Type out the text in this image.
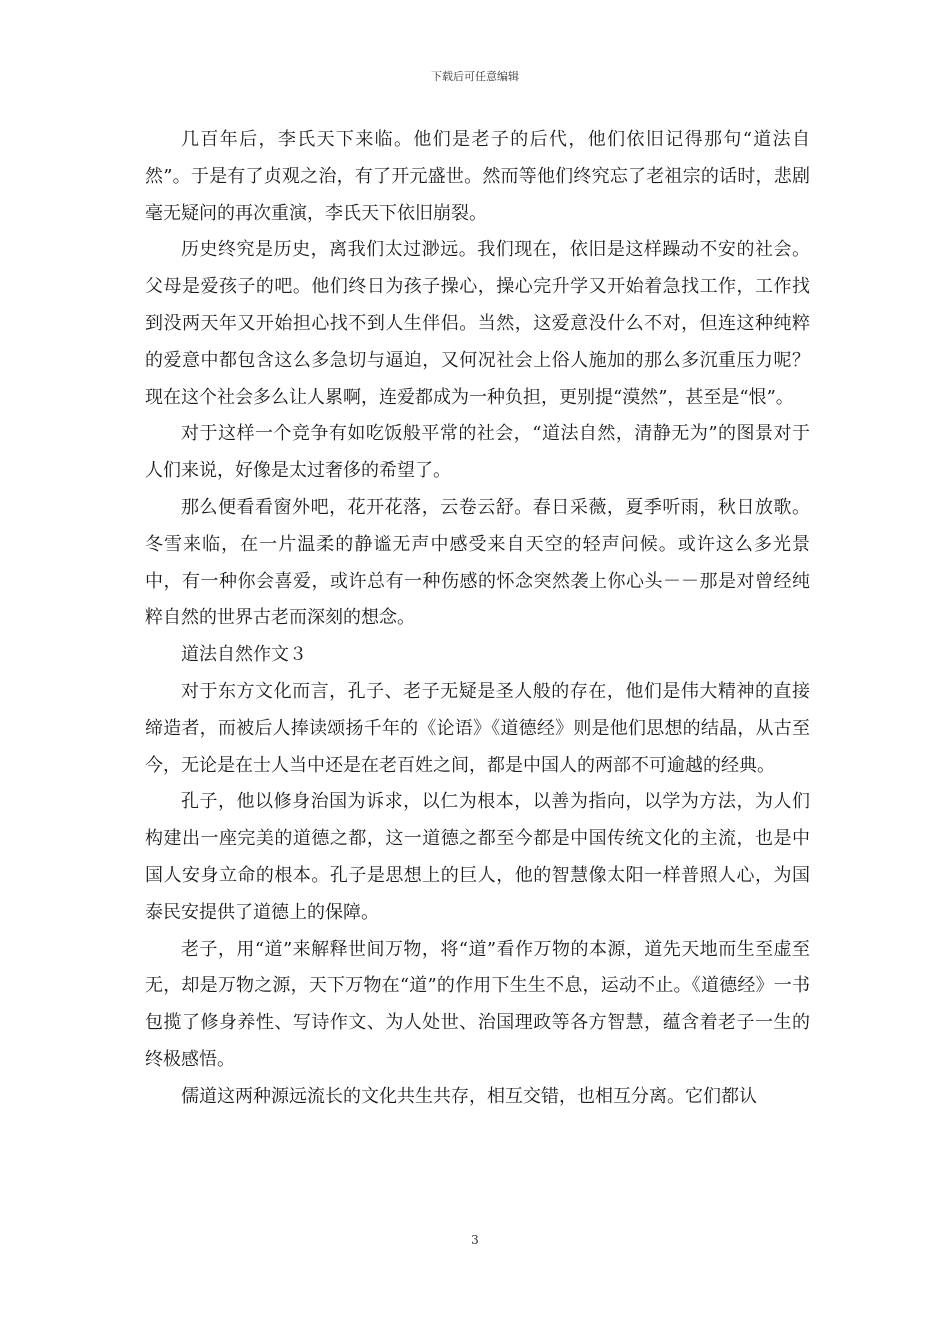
下载后可任意编辑

几百年后，李氏天下来临。他们是老子的后代，他们依旧记得那句“道法自然”。于是有了贞观之治，有了开元盛世。然而等他们终究忘了老祖宗的话时，悲剧毫无疑问的再次重演，李氏天下依旧崩裂。

历史终究是历史，离我们太过渺远。我们现在，依旧是这样躁动不安的社会。父母是爱孩子的吧。他们终日为孩子操心，操心完升学又开始着急找工作，工作找到没两天年又开始担心找不到人生伴侣。当然，这爱意没什么不对，但连这种纯粹的爱意中都包含这么多急切与逼迫，又何况社会上俗人施加的那么多沉重压力呢？现在这个社会多么让人累啊，连爱都成为一种负担，更别提“漠然”，甚至是“恨”。

对于这样一个竞争有如吃饭般平常的社会，“道法自然，清静无为”的图景对于人们来说，好像是太过奢侈的希望了。

那么便看看窗外吧，花开花落，云卷云舒。春日采薇，夏季听雨，秋日放歌。冬雪来临，在一片温柔的静谧无声中感受来自天空的轻声问候。或许这么多光景中，有一种你会喜爱，或许总有一种伤感的怀念突然袭上你心头－－那是对曾经纯粹自然的世界古老而深刻的想念。

道法自然作文３

对于东方文化而言，孔子、老子无疑是圣人般的存在，他们是伟大精神的直接缔造者，而被后人捧读颂扬千年的《论语》《道德经》则是他们思想的结晶，从古至今，无论是在士人当中还是在老百姓之间，都是中国人的两部不可逾越的经典。

孔子，他以修身治国为诉求，以仁为根本，以善为指向，以学为方法，为人们构建出一座完美的道德之都，这一道德之都至今都是中国传统文化的主流，也是中国人安身立命的根本。孔子是思想上的巨人，他的智慧像太阳一样普照人心，为国泰民安提供了道德上的保障。

老子，用“道”来解释世间万物，将“道”看作万物的本源，道先天地而生至虚至无，却是万物之源，天下万物在“道”的作用下生生不息，运动不止。《道德经》一书包揽了修身养性、写诗作文、为人处世、治国理政等各方智慧，蕴含着老子一生的终极感悟。

儒道这两种源远流长的文化共生共存，相互交错，也相互分离。它们都认

3
